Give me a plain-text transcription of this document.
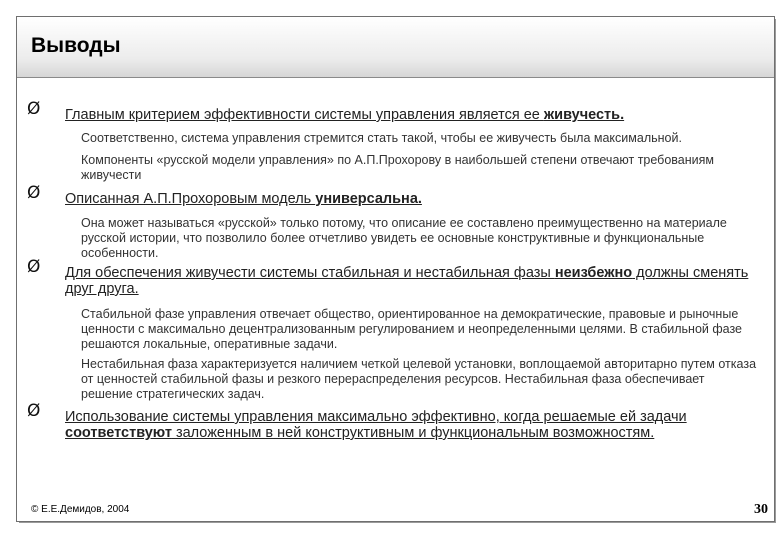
Выводы
Ø Главным критерием эффективности системы управления является ее живучесть.
Соответственно, система управления стремится стать такой, чтобы ее живучесть была максимальной.
Компоненты «русской модели управления» по А.П.Прохорову в наибольшей степени отвечают требованиям живучести
Ø Описанная А.П.Прохоровым модель универсальна.
Она может называться «русской» только потому, что описание ее составлено преимущественно на материале русской истории, что позволило более отчетливо увидеть ее основные конструктивные и функциональные особенности.
Ø Для обеспечения живучести системы стабильная и нестабильная фазы неизбежно должны сменять друг друга.
Стабильной фазе управления отвечает общество, ориентированное на демократические, правовые и рыночные ценности с максимально децентрализованным регулированием и неопределенными целями. В стабильной фазе решаются локальные, оперативные задачи.
Нестабильная фаза характеризуется наличием четкой целевой установки, воплощаемой авторитарно путем отказа от ценностей стабильной фазы и резкого перераспределения ресурсов. Нестабильная фаза обеспечивает решение стратегических задач.
Ø Использование системы управления максимально эффективно, когда решаемые ей задачи соответствуют заложенным в ней конструктивным и функциональным возможностям.
© Е.Е.Демидов, 2004	30
